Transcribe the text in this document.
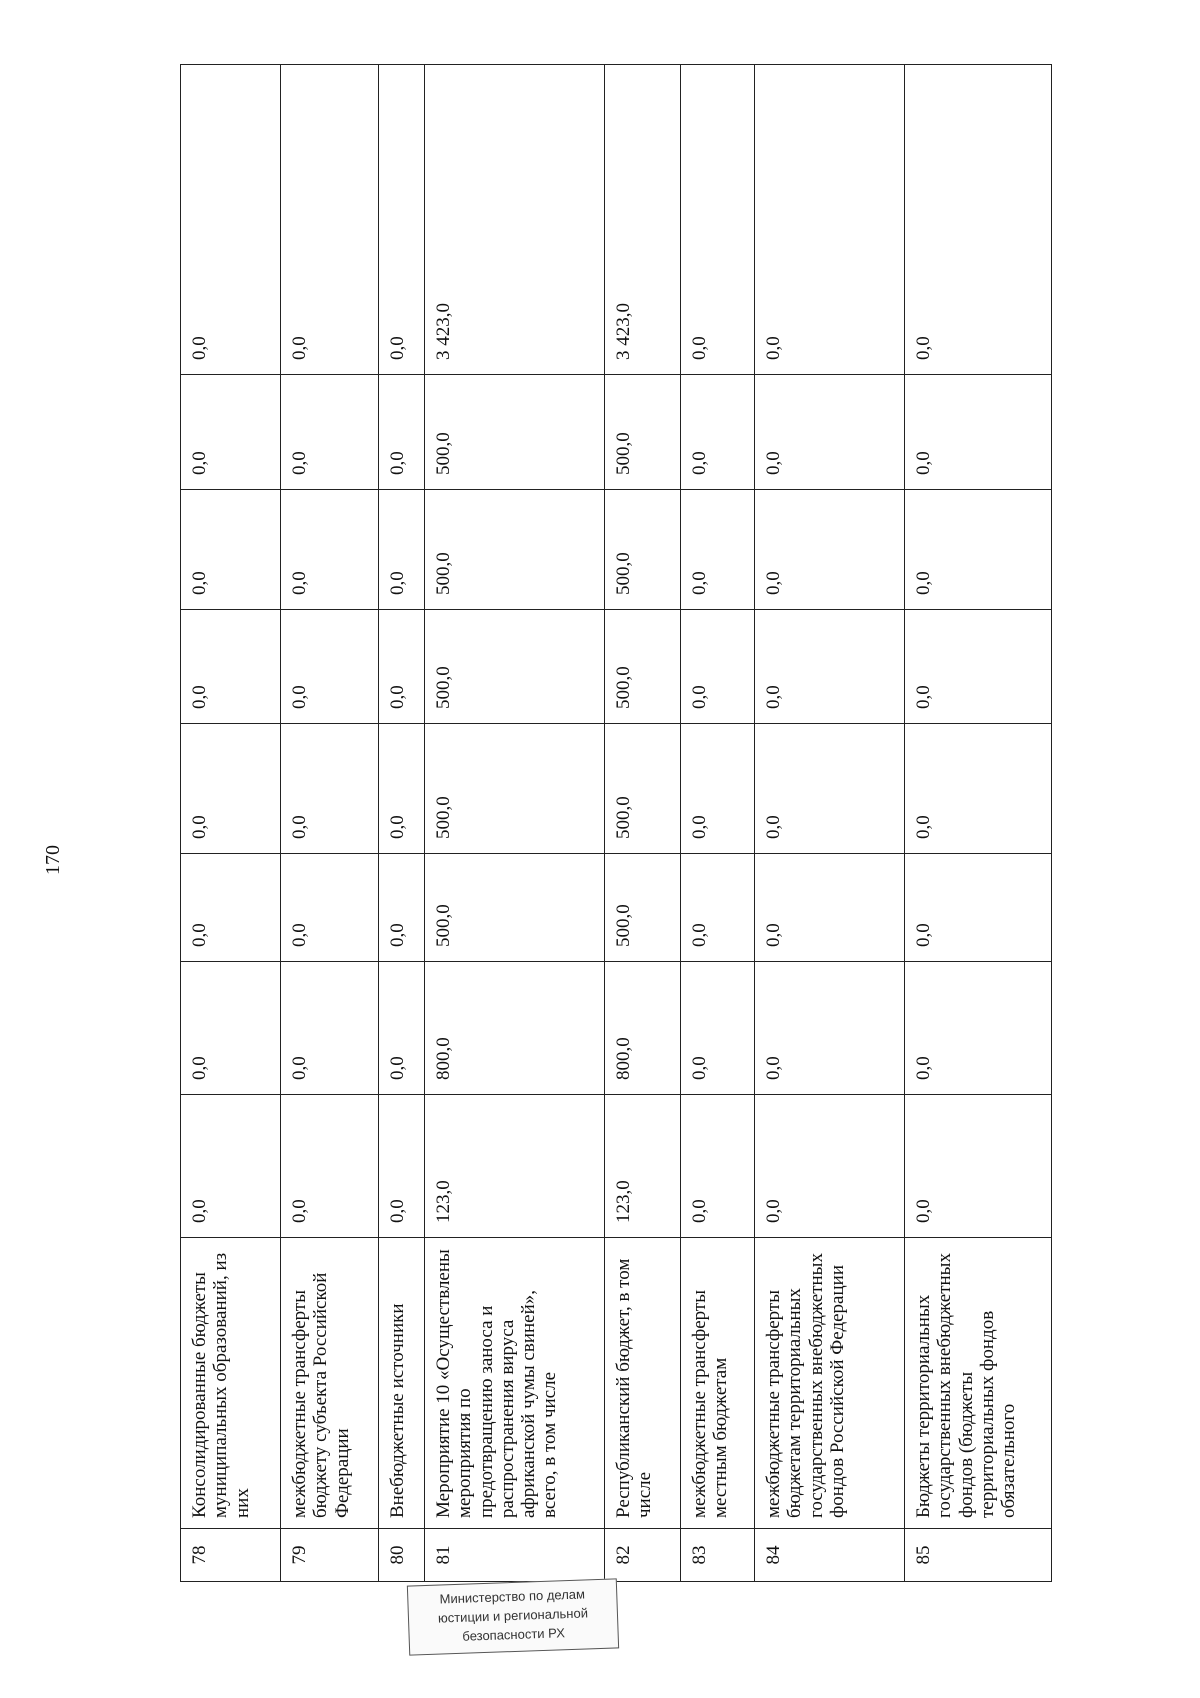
170
78	Консолидированные бюджеты муниципальных образований, из них	0,0	0,0	0,0	0,0	0,0	0,0	0,0	0,0
79	межбюджетные трансферты бюджету субъекта Российской Федерации	0,0	0,0	0,0	0,0	0,0	0,0	0,0	0,0
80	Внебюджетные источники	0,0	0,0	0,0	0,0	0,0	0,0	0,0	0,0
81	Мероприятие 10 «Осуществлены мероприятия по предотвращению заноса и распространения вируса африканской чумы свиней», всего, в том числе	123,0	800,0	500,0	500,0	500,0	500,0	500,0	3 423,0
82	Республиканский бюджет, в том числе	123,0	800,0	500,0	500,0	500,0	500,0	500,0	3 423,0
83	межбюджетные трансферты местным бюджетам	0,0	0,0	0,0	0,0	0,0	0,0	0,0	0,0
84	межбюджетные трансферты бюджетам территориальных государственных внебюджетных фондов Российской Федерации	0,0	0,0	0,0	0,0	0,0	0,0	0,0	0,0
85	Бюджеты территориальных государственных внебюджетных фондов (бюджеты территориальных фондов обязательного	0,0	0,0	0,0	0,0	0,0	0,0	0,0	0,0
Министерство по делам
юстиции и региональной
безопасности РХ
